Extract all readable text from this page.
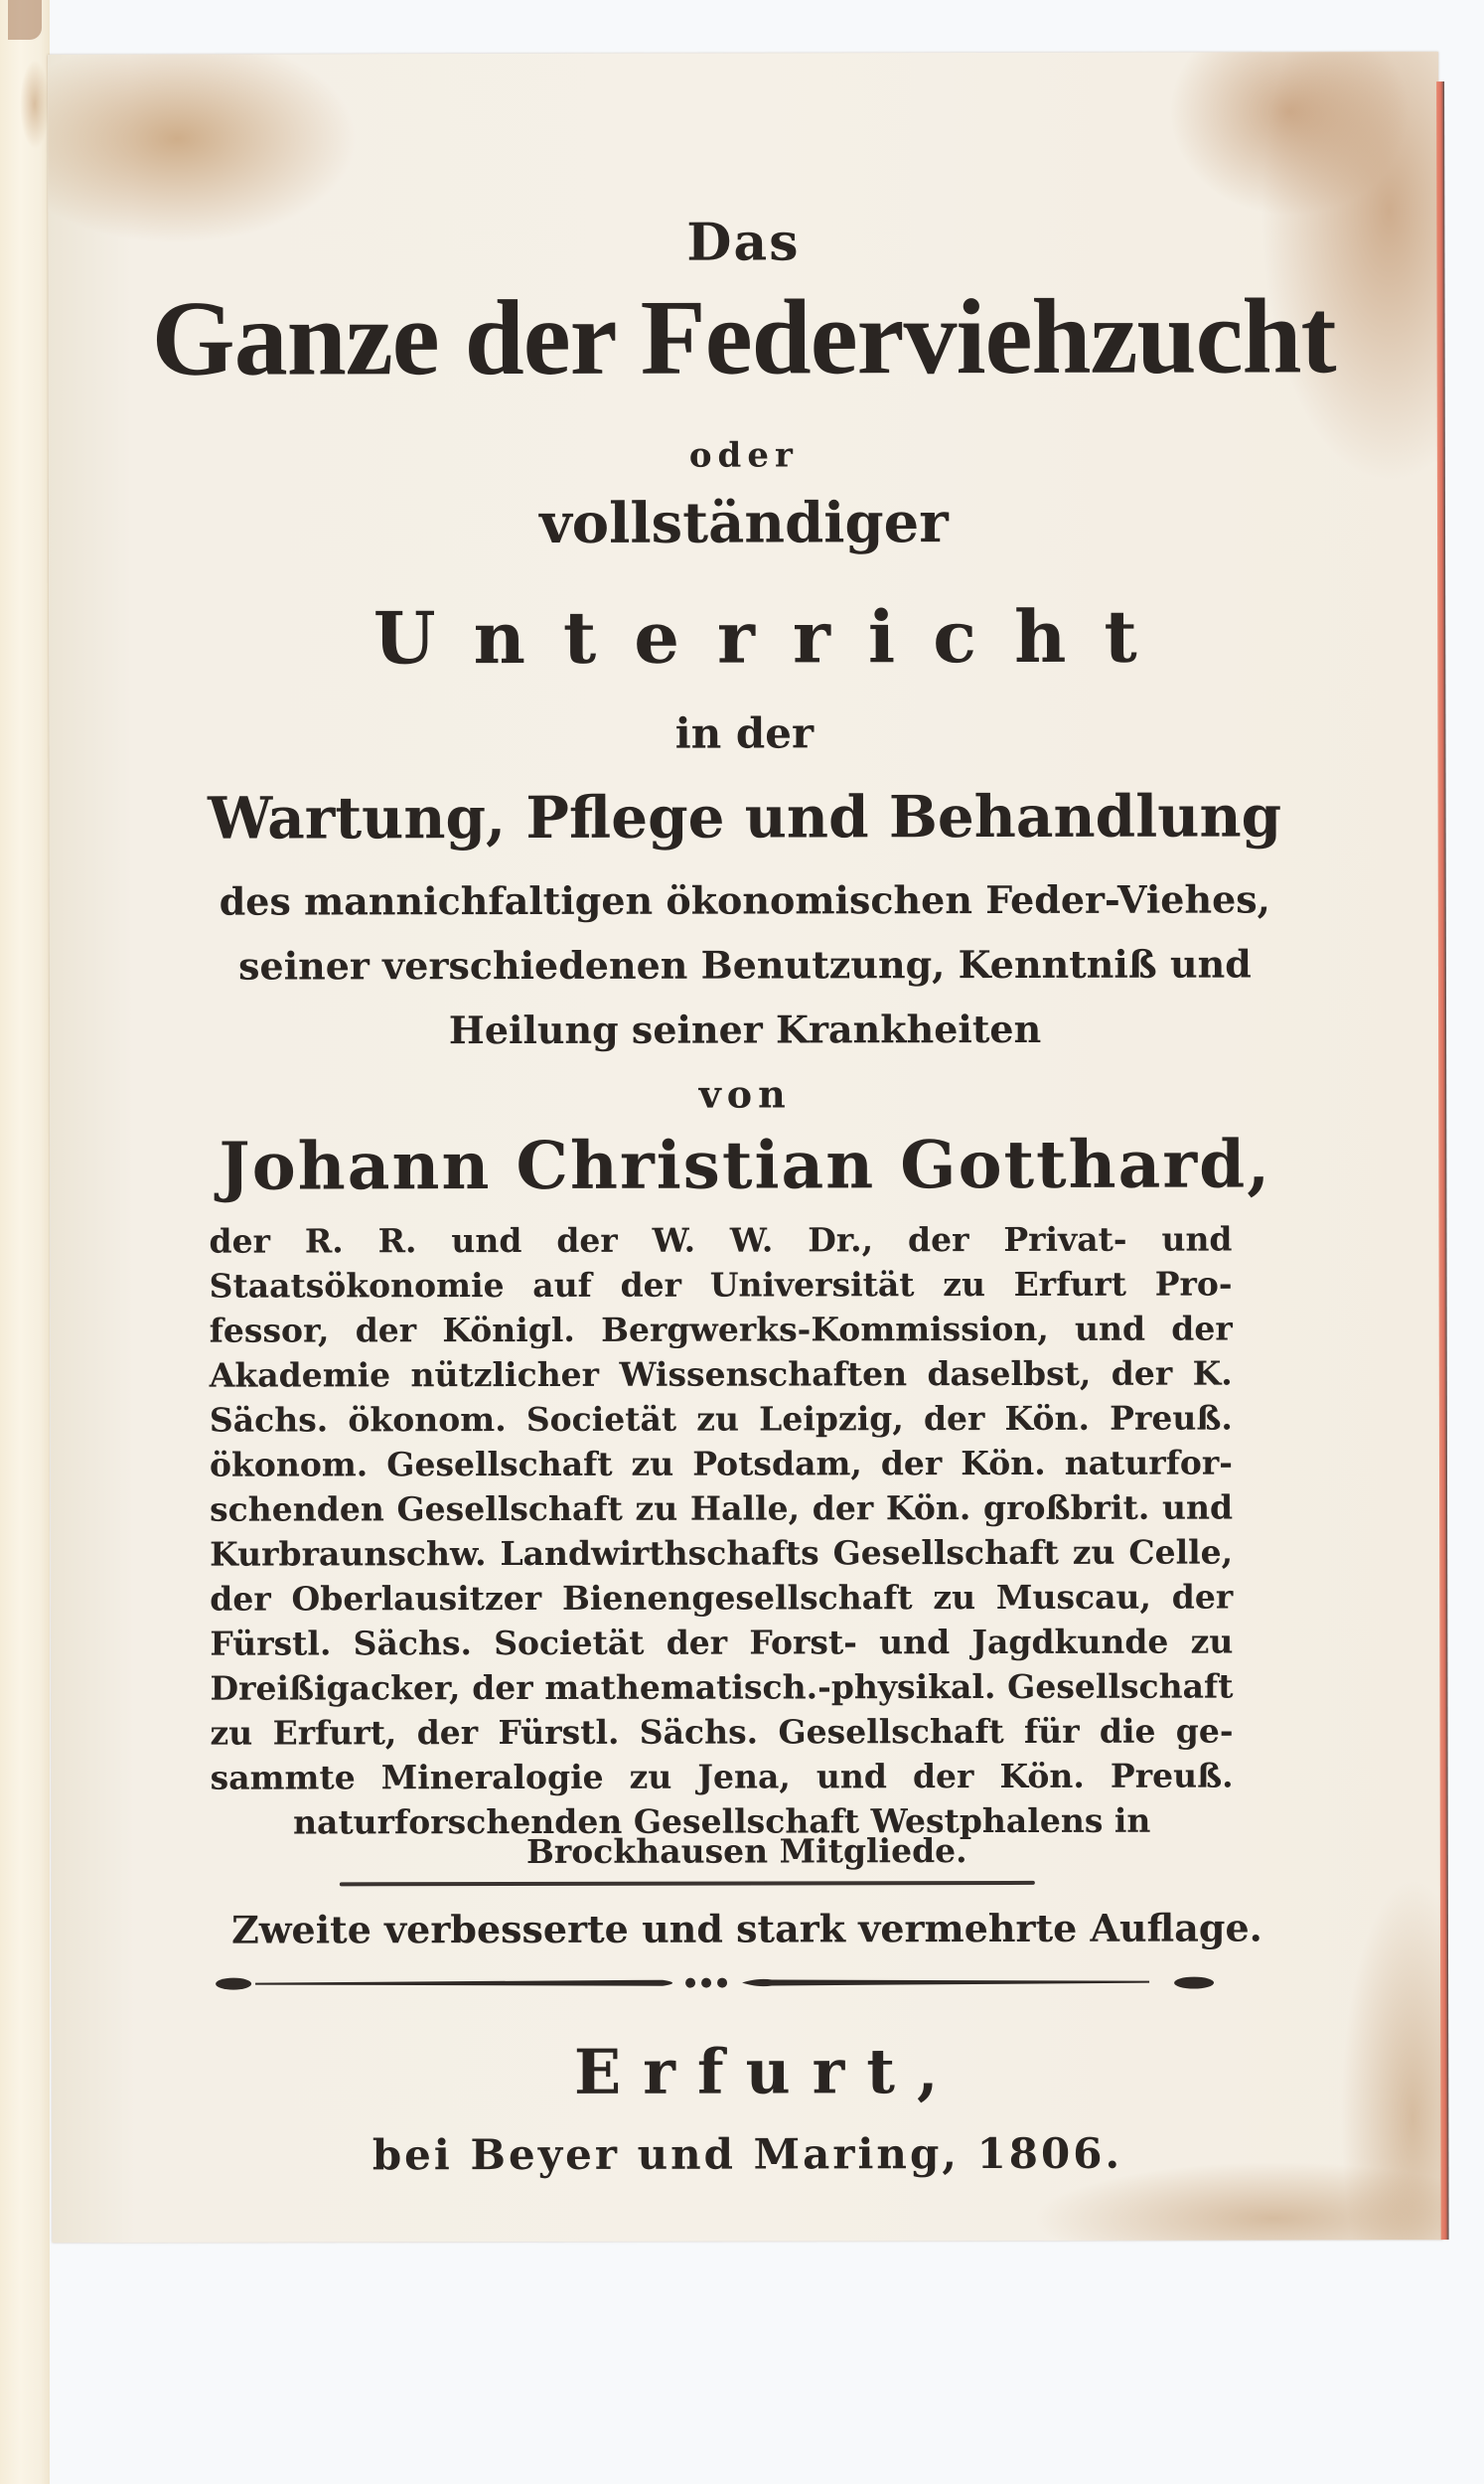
Das
Ganze der Federviehzucht
oder
vollständiger
Unterricht
in der
Wartung, Pflege und Behandlung
des mannichfaltigen ökonomischen Feder-Viehes,
seiner verschiedenen Benutzung, Kenntniß und
Heilung seiner Krankheiten
von
Johann Christian Gotthard,
der R. R. und der W. W. Dr., der Privat- und
Staatsökonomie auf der Universität zu Erfurt Pro-
fessor, der Königl. Bergwerks-Kommission, und der
Akademie nützlicher Wissenschaften daselbst, der K.
Sächs. ökonom. Societät zu Leipzig, der Kön. Preuß.
ökonom. Gesellschaft zu Potsdam, der Kön. naturfor-
schenden Gesellschaft zu Halle, der Kön. großbrit. und
Kurbraunschw. Landwirthschafts Gesellschaft zu Celle,
der Oberlausitzer Bienengesellschaft zu Muscau, der
Fürstl. Sächs. Societät der Forst- und Jagdkunde zu
Dreißigacker, der mathematisch.-physikal. Gesellschaft
zu Erfurt, der Fürstl. Sächs. Gesellschaft für die ge-
sammte Mineralogie zu Jena, und der Kön. Preuß.
naturforschenden Gesellschaft Westphalens in
Brockhausen Mitgliede.
Zweite verbesserte und stark vermehrte Auflage.
Erfurt,
bei Beyer und Maring, 1806.
